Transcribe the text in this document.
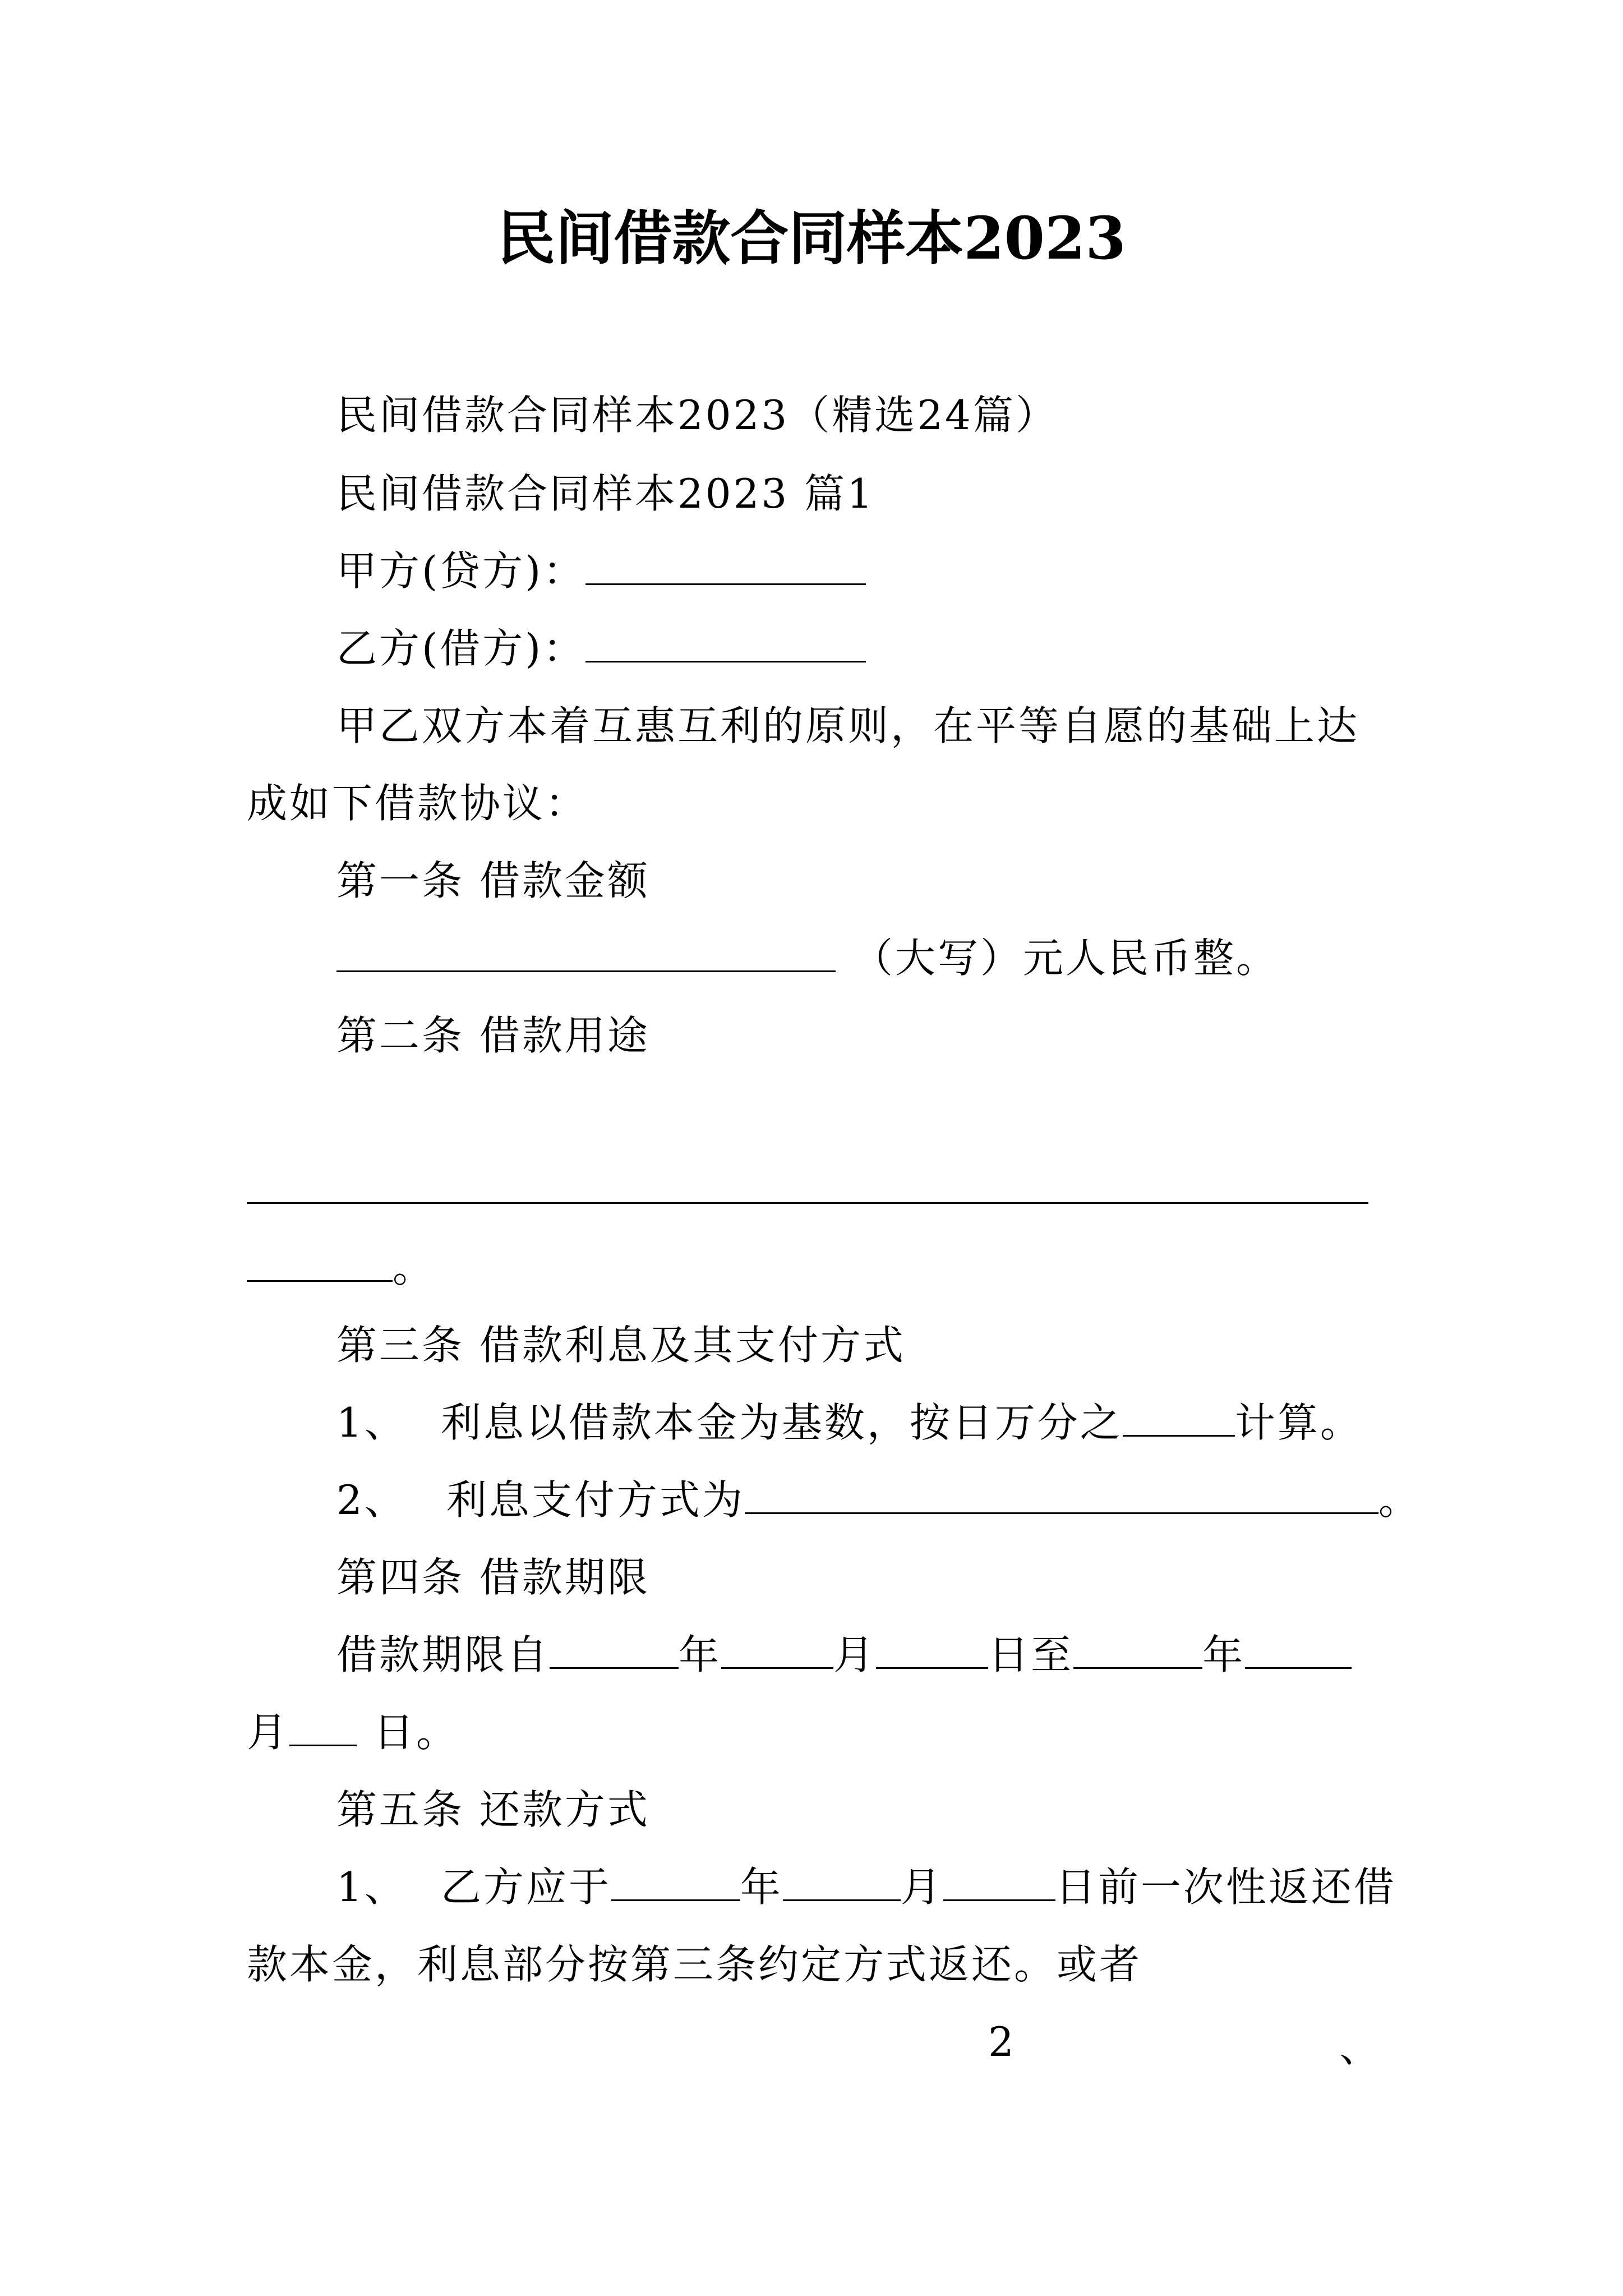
民间借款合同样本2023
民间借款合同样本2023（精选24篇）
民间借款合同样本2023 篇1
甲方(贷方)：
乙方(借方)：
甲乙双方本着互惠互利的原则，在平等自愿的基础上达
成如下借款协议：
第一条 借款金额
（大写）元人民币整。
第二条 借款用途
。
第三条 借款利息及其支付方式
1、 利息以借款本金为基数，按日万分之	计算。
2、 利息支付方式为	。
第四条 借款期限
借款期限自	年	月	日至	年
月 日。
第五条 还款方式
1、 乙方应于	年	月	日前一次性返还借
款本金，利息部分按第三条约定方式返还。或者
2	、
